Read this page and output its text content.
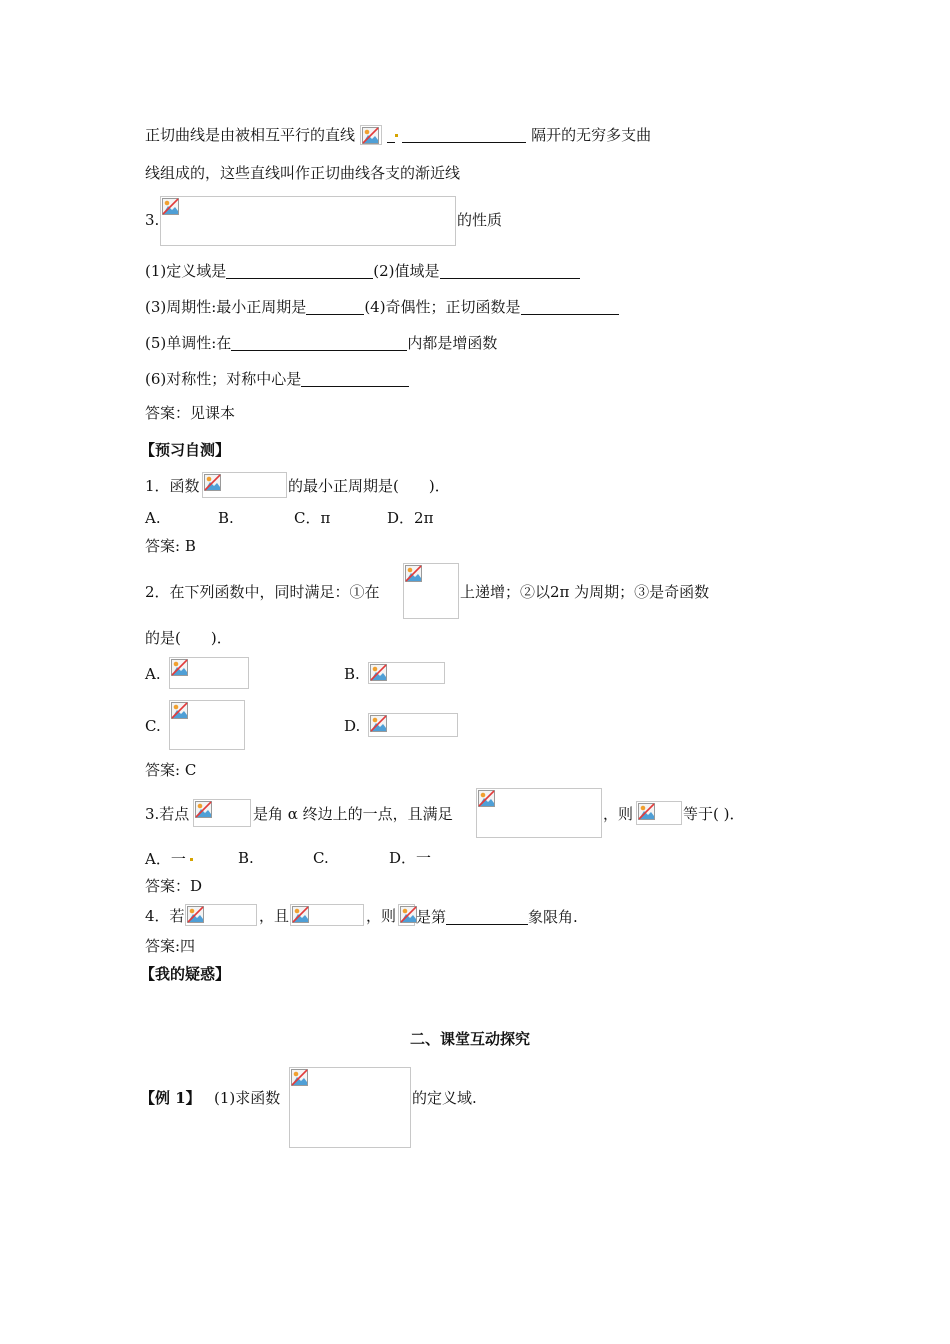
正切曲线是由被相互平行的直线	隔开的无穷多支曲
线组成的，这些直线叫作正切曲线各支的渐近线
3.	的性质
(1)定义域是	(2)值域是
(3)周期性:最小正周期是	(4)奇偶性；正切函数是
(5)单调性:在	内都是增函数
(6)对称性；对称中心是
答案：见课本
【预习自测】
1．函数	的最小正周期是(　　)．
A.	B.	C．π	D．2π
答案: B
2．在下列函数中，同时满足：①在	上递增；②以2π 为周期；③是奇函数
的是(　　)．
A.	B.
C.	D.
答案: C
3.若点	是角 α 终边上的一点，且满足	，则	等于( )．
A．一	B.	C.	D．一
答案：D
4．若	，且	，则 是第	象限角.
答案:四
【我的疑惑】
二、课堂互动探究
【例 1】 (1)求函数	的定义域.
